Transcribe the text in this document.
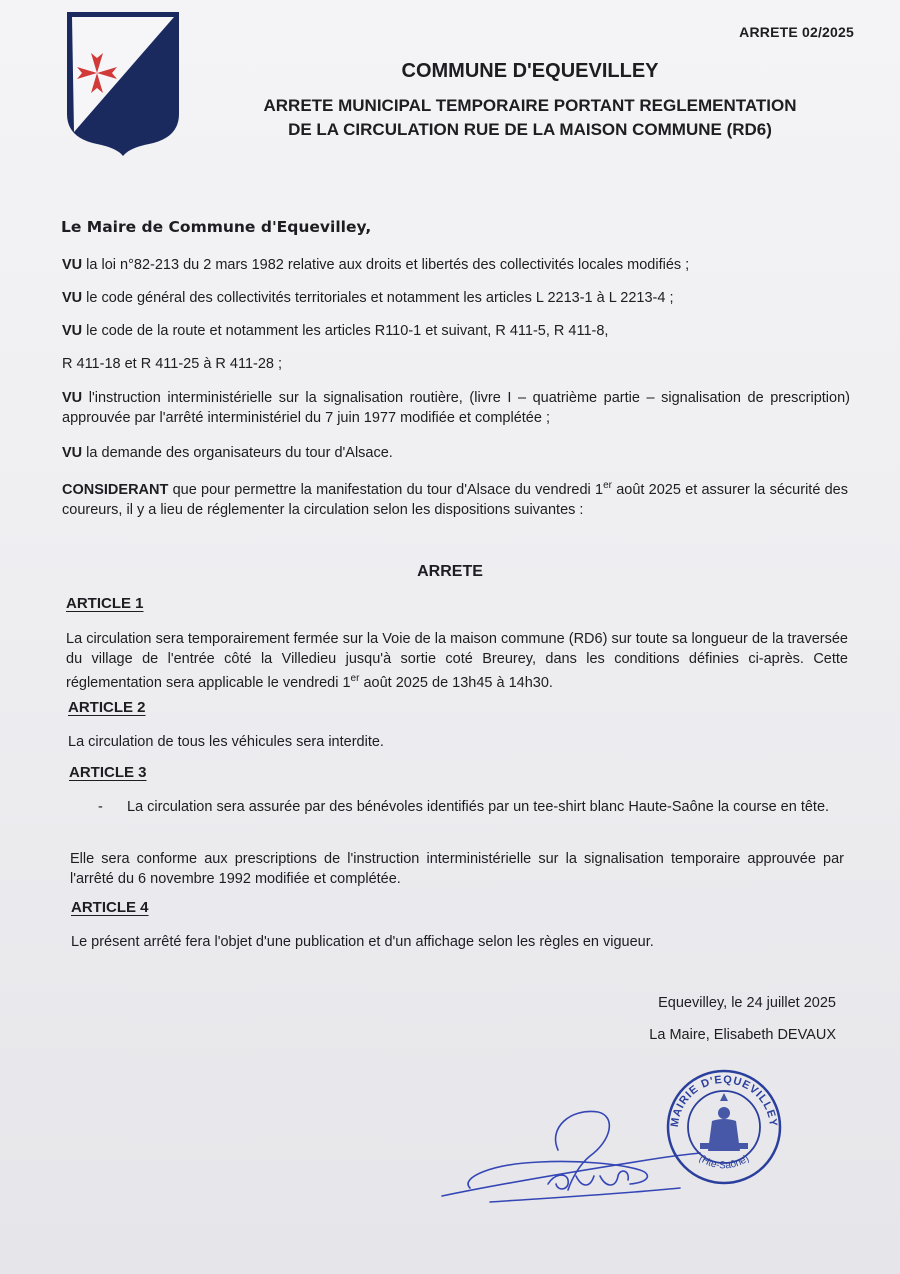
ARRETE 02/2025
COMMUNE D'EQUEVILLEY
ARRETE MUNICIPAL TEMPORAIRE PORTANT REGLEMENTATION
DE LA CIRCULATION RUE DE LA MAISON COMMUNE (RD6)
Le Maire de Commune d'Equevilley,
VU la loi n°82-213 du 2 mars 1982 relative aux droits et libertés des collectivités locales modifiés ;
VU le code général des collectivités territoriales et notamment les articles L 2213-1 à L 2213-4 ;
VU le code de la route et notamment les articles R110-1 et suivant, R 411-5, R 411-8,
R 411-18 et R 411-25 à R 411-28 ;
VU l'instruction interministérielle sur la signalisation routière, (livre I – quatrième partie – signalisation de prescription) approuvée par l'arrêté interministériel du 7 juin 1977 modifiée et complétée ;
VU la demande des organisateurs du tour d'Alsace.
CONSIDERANT que pour permettre la manifestation du tour d'Alsace du vendredi 1er août 2025 et assurer la sécurité des coureurs, il y a lieu de réglementer la circulation selon les dispositions suivantes :
ARRETE
ARTICLE 1
La circulation sera temporairement fermée sur la Voie de la maison commune (RD6) sur toute sa longueur de la traversée du village de l'entrée côté la Villedieu jusqu'à sortie coté Breurey, dans les conditions définies ci-après. Cette réglementation sera applicable le vendredi 1er août 2025 de 13h45 à 14h30.
ARTICLE 2
La circulation de tous les véhicules sera interdite.
ARTICLE 3
- La circulation sera assurée par des bénévoles identifiés par un tee-shirt blanc Haute-Saône la course en tête.
Elle sera conforme aux prescriptions de l'instruction interministérielle sur la signalisation temporaire approuvée par l'arrêté du 6 novembre 1992 modifiée et complétée.
ARTICLE 4
Le présent arrêté fera l'objet d'une publication et d'un affichage selon les règles en vigueur.
Equevilley, le 24 juillet 2025
La Maire, Elisabeth DEVAUX
MAIRIE D'EQUEVILLEY
(Hte-Saône)
